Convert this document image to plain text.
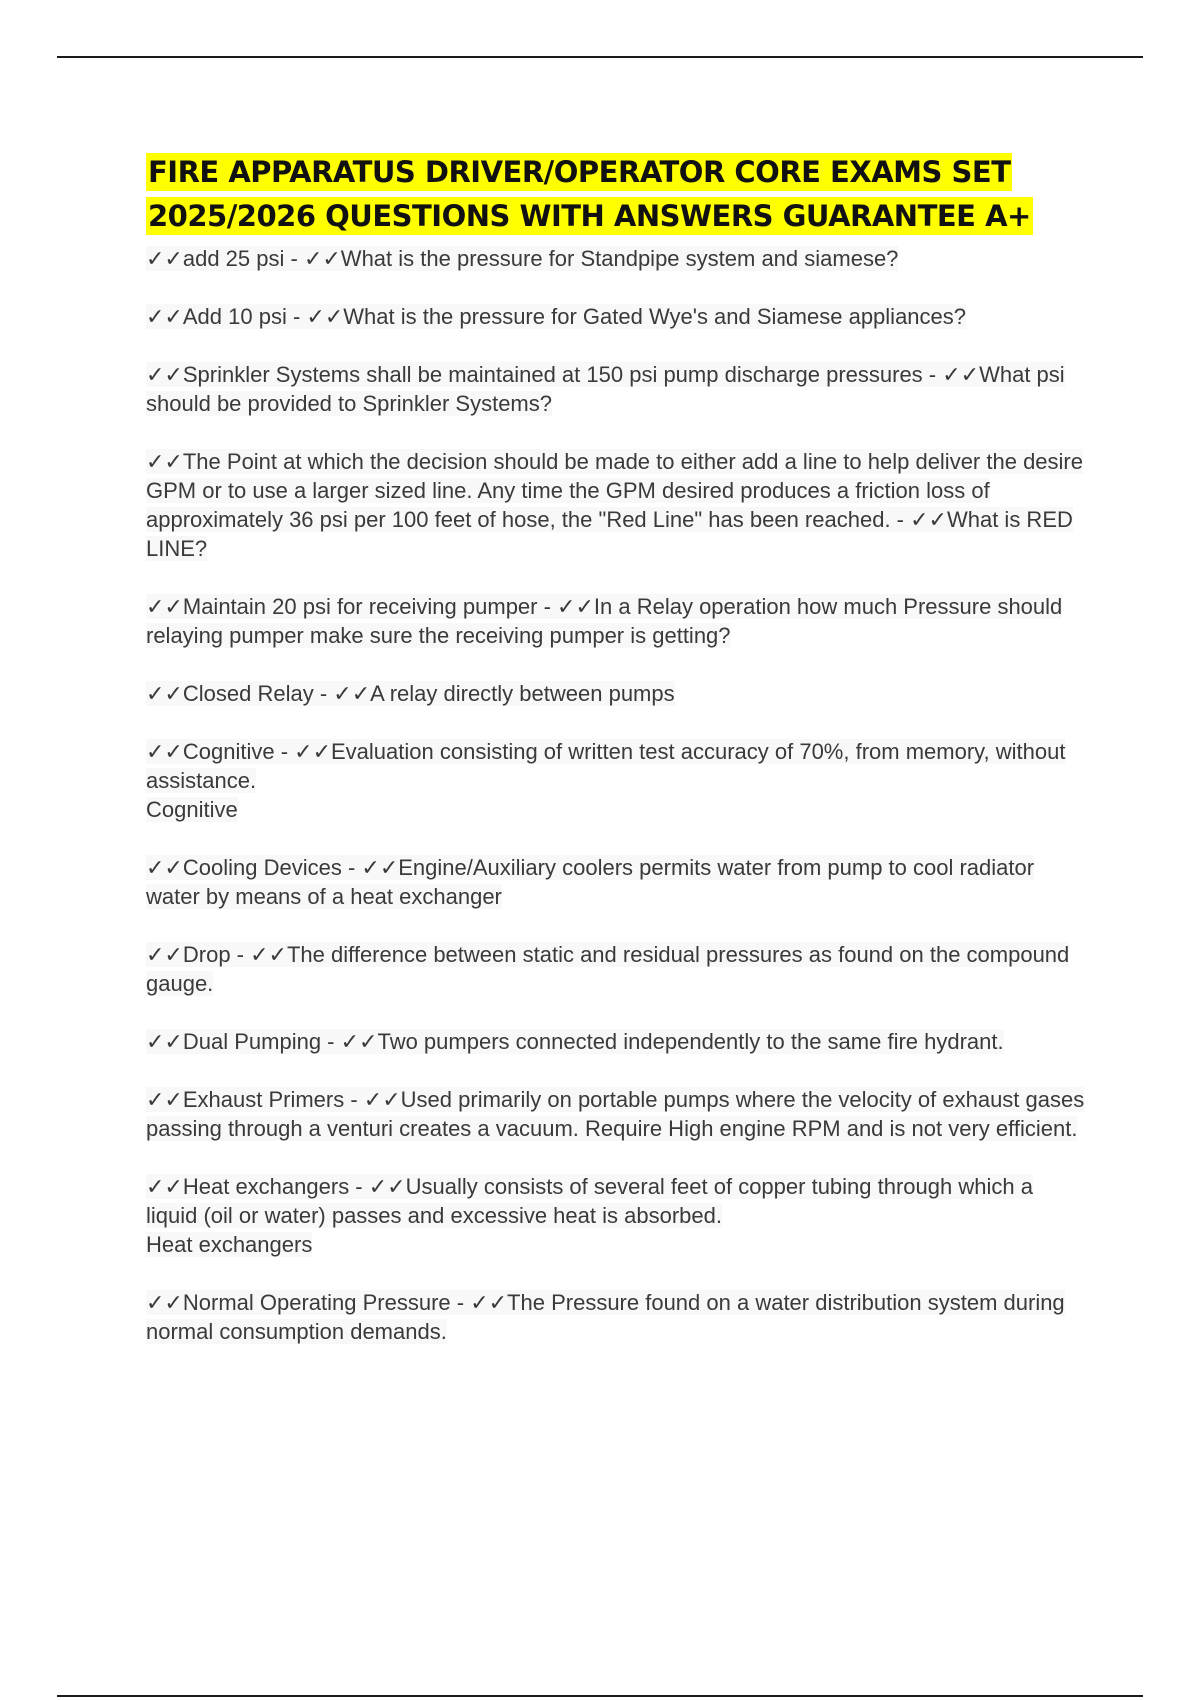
FIRE APPARATUS DRIVER/OPERATOR CORE EXAMS SET 2025/2026 QUESTIONS WITH ANSWERS GUARANTEE A+

✓✓add 25 psi - ✓✓What is the pressure for Standpipe system and siamese?

✓✓Add 10 psi - ✓✓What is the pressure for Gated Wye's and Siamese appliances?

✓✓Sprinkler Systems shall be maintained at 150 psi pump discharge pressures - ✓✓What psi should be provided to Sprinkler Systems?

✓✓The Point at which the decision should be made to either add a line to help deliver the desire GPM or to use a larger sized line. Any time the GPM desired produces a friction loss of approximately 36 psi per 100 feet of hose, the "Red Line" has been reached. - ✓✓What is RED LINE?

✓✓Maintain 20 psi for receiving pumper - ✓✓In a Relay operation how much Pressure should relaying pumper make sure the receiving pumper is getting?

✓✓Closed Relay - ✓✓A relay directly between pumps

✓✓Cognitive - ✓✓Evaluation consisting of written test accuracy of 70%, from memory, without assistance.

Cognitive

✓✓Cooling Devices - ✓✓Engine/Auxiliary coolers permits water from pump to cool radiator water by means of a heat exchanger

✓✓Drop - ✓✓The difference between static and residual pressures as found on the compound gauge.

✓✓Dual Pumping - ✓✓Two pumpers connected independently to the same fire hydrant.

✓✓Exhaust Primers - ✓✓Used primarily on portable pumps where the velocity of exhaust gases passing through a venturi creates a vacuum. Require High engine RPM and is not very efficient.

✓✓Heat exchangers - ✓✓Usually consists of several feet of copper tubing through which a liquid (oil or water) passes and excessive heat is absorbed.

Heat exchangers

✓✓Normal Operating Pressure - ✓✓The Pressure found on a water distribution system during normal consumption demands.
